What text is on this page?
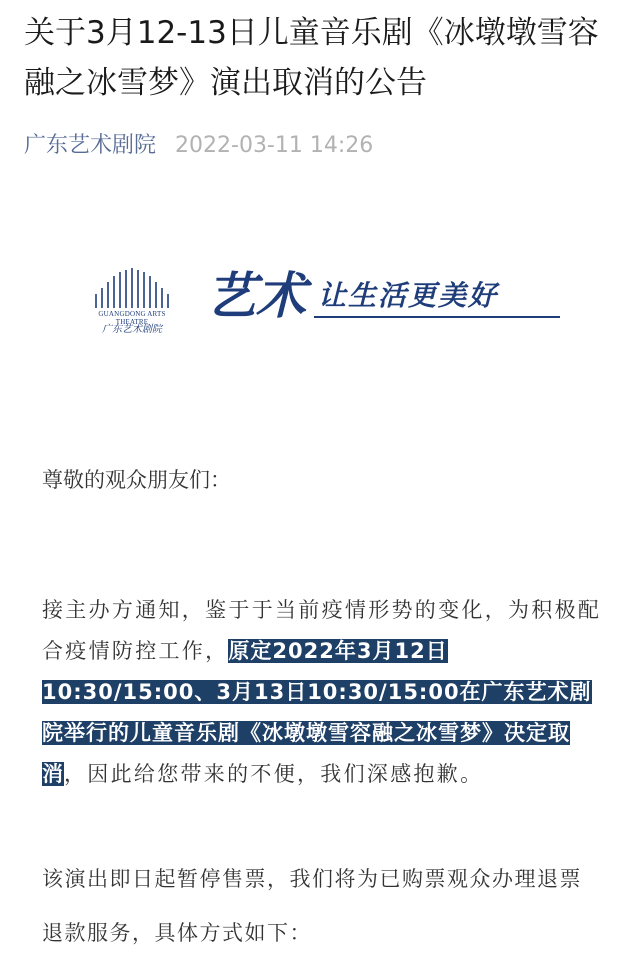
关于3月12-13日儿童音乐剧《冰墩墩雪容融之冰雪梦》演出取消的公告
广东艺术剧院 2022-03-11 14:26
GUANGDONG ARTS THEATRE
广东艺术剧院
艺术 让生活更美好
尊敬的观众朋友们：

接主办方通知，鉴于于当前疫情形势的变化，为积极配合疫情防控工作，原定2022年3月12日10:30/15:00、3月13日10:30/15:00在广东艺术剧院举行的儿童音乐剧《冰墩墩雪容融之冰雪梦》决定取消，因此给您带来的不便，我们深感抱歉。

该演出即日起暂停售票，我们将为已购票观众办理退票退款服务，具体方式如下：
